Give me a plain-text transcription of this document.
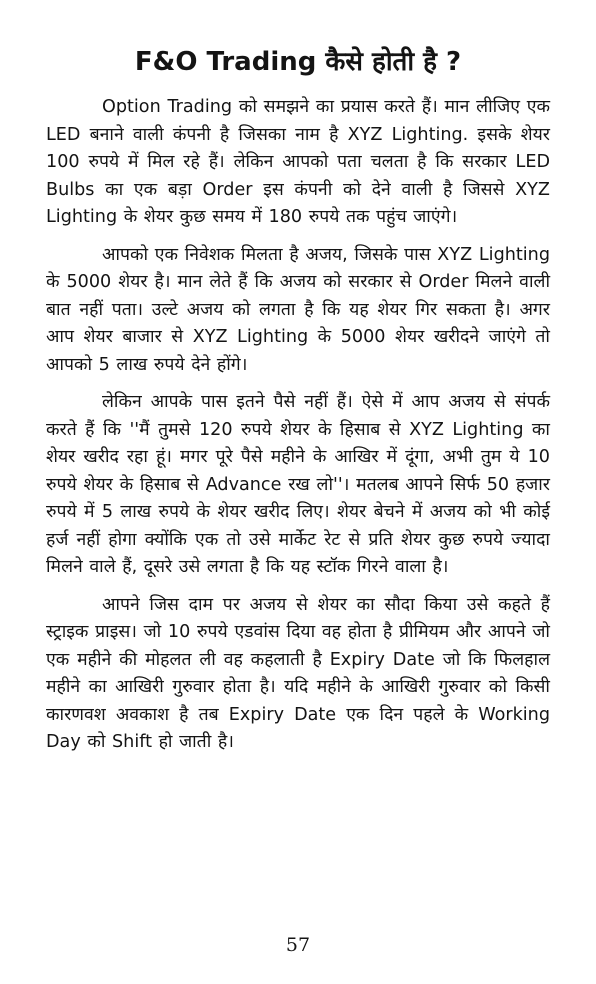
F&O Trading कैसे होती है ?

Option Trading को समझने का प्रयास करते हैं। मान लीजिए एक LED बनाने वाली कंपनी है जिसका नाम है XYZ Lighting. इसके शेयर 100 रुपये में मिल रहे हैं। लेकिन आपको पता चलता है कि सरकार LED Bulbs का एक बड़ा Order इस कंपनी को देने वाली है जिससे XYZ Lighting के शेयर कुछ समय में 180 रुपये तक पहुंच जाएंगे।

आपको एक निवेशक मिलता है अजय, जिसके पास XYZ Lighting के 5000 शेयर है। मान लेते हैं कि अजय को सरकार से Order मिलने वाली बात नहीं पता। उल्टे अजय को लगता है कि यह शेयर गिर सकता है। अगर आप शेयर बाजार से XYZ Lighting के 5000 शेयर खरीदने जाएंगे तो आपको 5 लाख रुपये देने होंगे।

लेकिन आपके पास इतने पैसे नहीं हैं। ऐसे में आप अजय से संपर्क करते हैं कि ''मैं तुमसे 120 रुपये शेयर के हिसाब से XYZ Lighting का शेयर खरीद रहा हूं। मगर पूरे पैसे महीने के आखिर में दूंगा, अभी तुम ये 10 रुपये शेयर के हिसाब से Advance रख लो''। मतलब आपने सिर्फ 50 हजार रुपये में 5 लाख रुपये के शेयर खरीद लिए। शेयर बेचने में अजय को भी कोई हर्ज नहीं होगा क्योंकि एक तो उसे मार्केट रेट से प्रति शेयर कुछ रुपये ज्यादा मिलने वाले हैं, दूसरे उसे लगता है कि यह स्टॉक गिरने वाला है।

आपने जिस दाम पर अजय से शेयर का सौदा किया उसे कहते हैं स्ट्राइक प्राइस। जो 10 रुपये एडवांस दिया वह होता है प्रीमियम और आपने जो एक महीने की मोहलत ली वह कहलाती है Expiry Date जो कि फिलहाल महीने का आखिरी गुरुवार होता है। यदि महीने के आखिरी गुरुवार को किसी कारणवश अवकाश है तब Expiry Date एक दिन पहले के Working Day को Shift हो जाती है।

57
